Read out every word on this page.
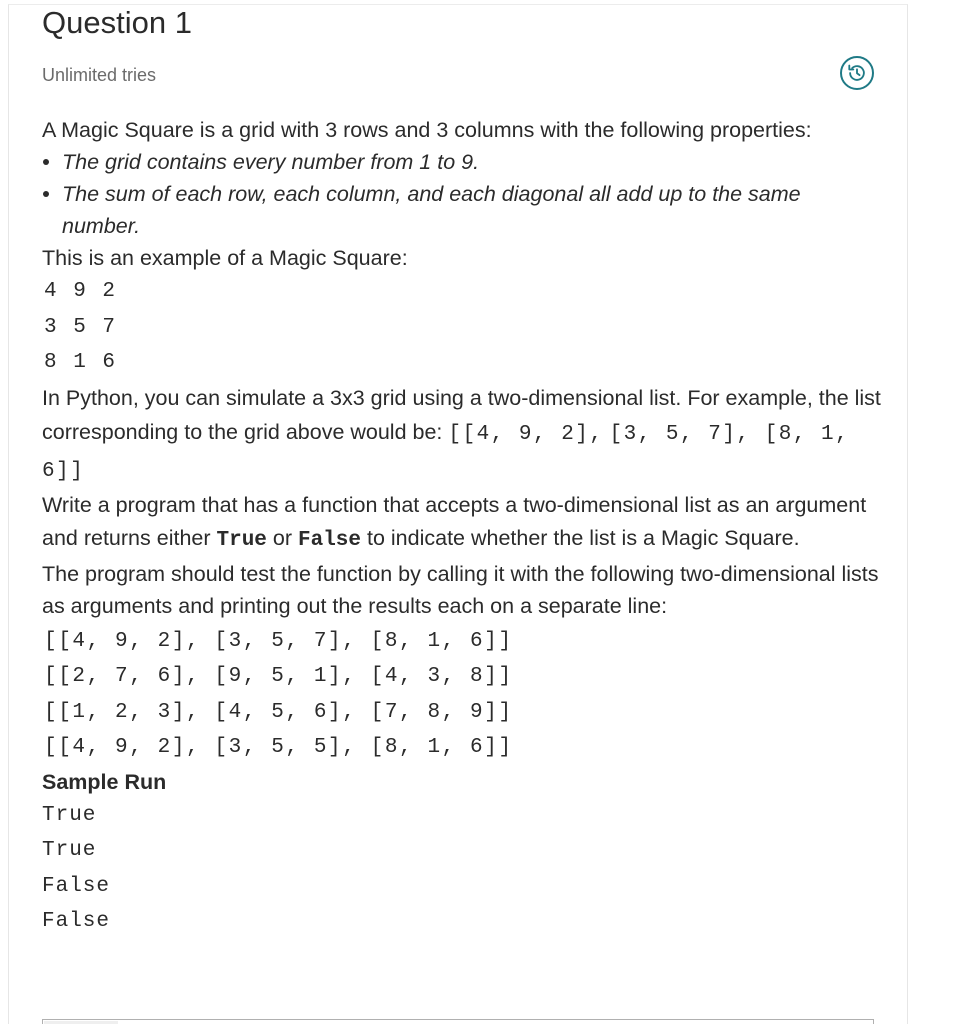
Question 1
Unlimited tries

A Magic Square is a grid with 3 rows and 3 columns with the following properties:

The grid contains every number from 1 to 9.
The sum of each row, each column, and each diagonal all add up to the same number.

This is an example of a Magic Square:

4 9 2
3 5 7
8 1 6

In Python, you can simulate a 3x3 grid using a two-dimensional list. For example, the list corresponding to the grid above would be: [[4, 9, 2], [3, 5, 7], [8, 1, 6]]

Write a program that has a function that accepts a two-dimensional list as an argument and returns either True or False to indicate whether the list is a Magic Square.

The program should test the function by calling it with the following two-dimensional lists as arguments and printing out the results each on a separate line:

[[4, 9, 2], [3, 5, 7], [8, 1, 6]]
[[2, 7, 6], [9, 5, 1], [4, 3, 8]]
[[1, 2, 3], [4, 5, 6], [7, 8, 9]]
[[4, 9, 2], [3, 5, 5], [8, 1, 6]]
Sample Run
True
True
False
False
